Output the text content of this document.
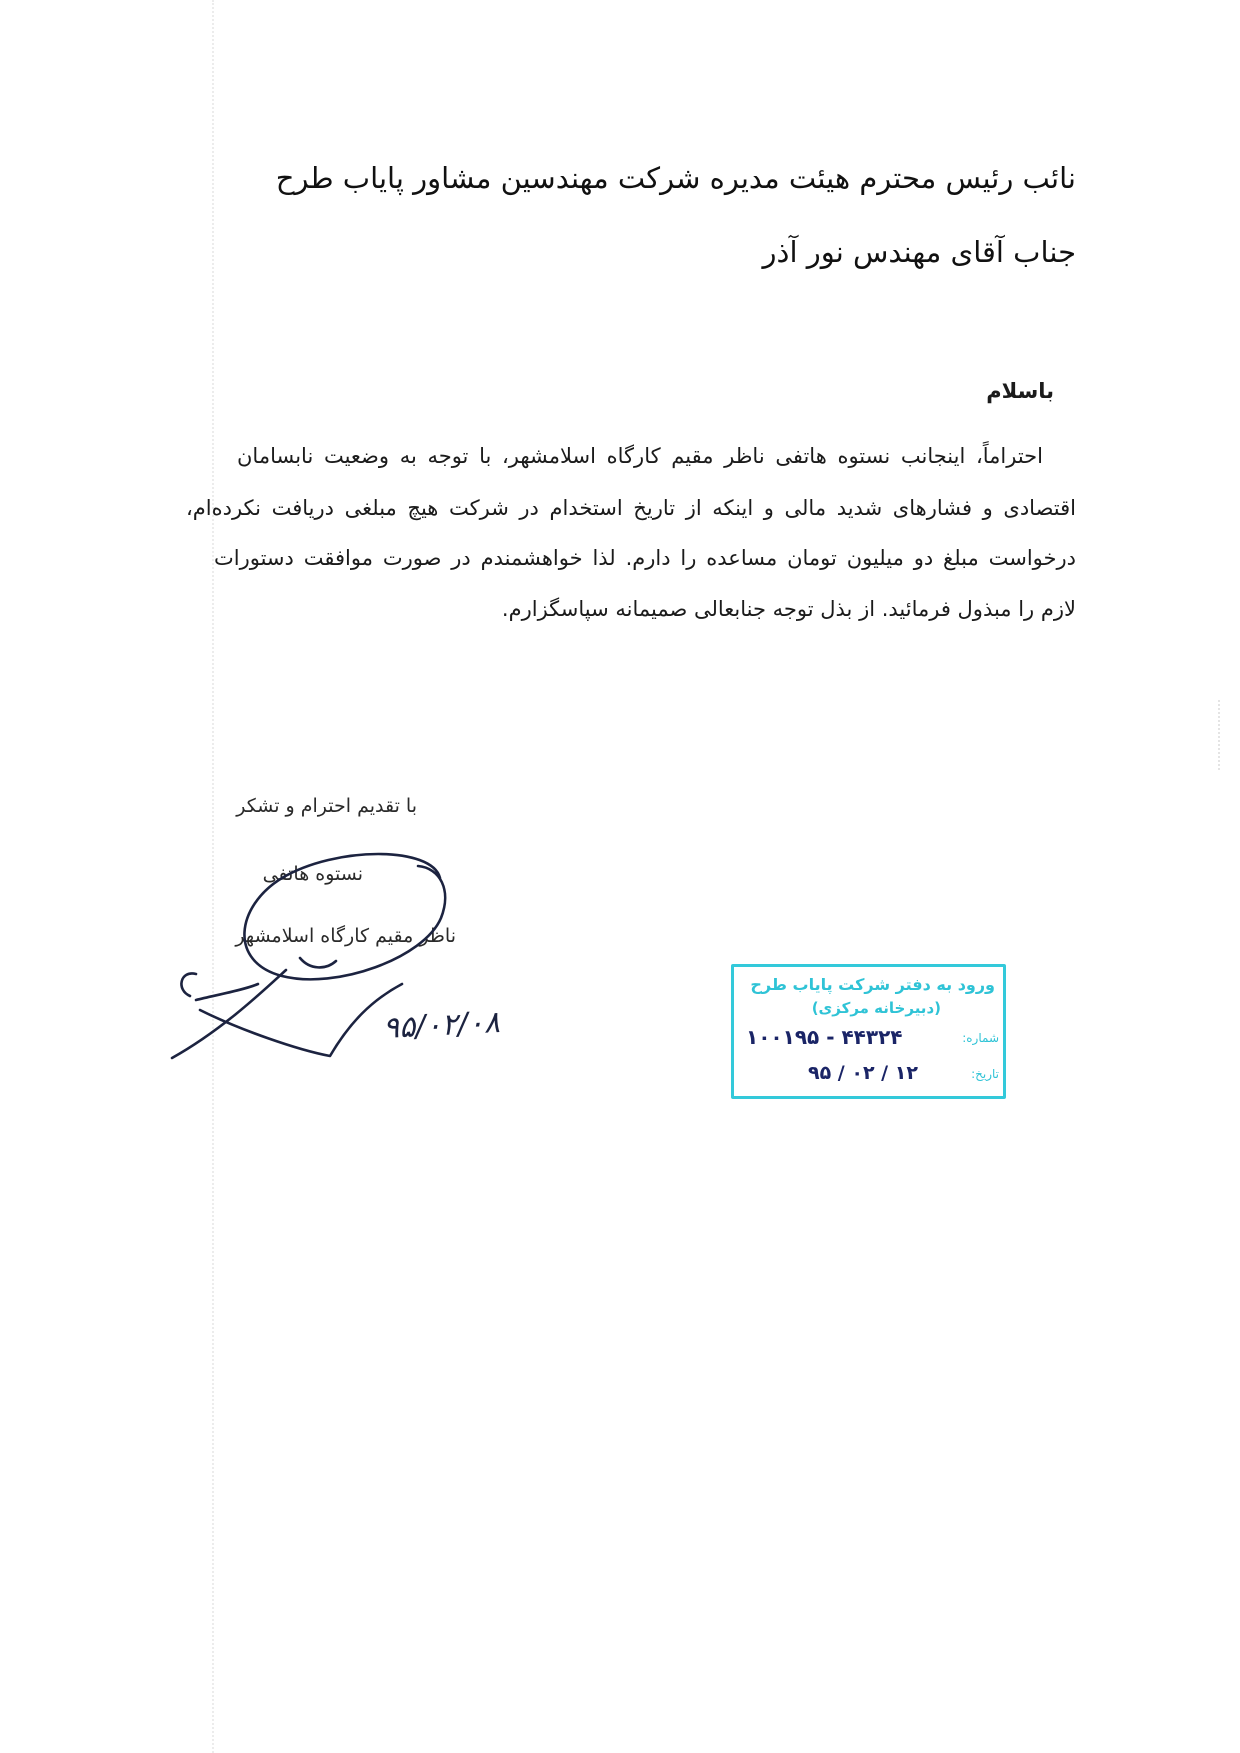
نائب رئیس محترم هیئت مدیره شرکت مهندسین مشاور پایاب طرح
جناب آقای مهندس نور آذر
باسلام
احتراماً، اینجانب نستوه هاتفی ناظر مقیم کارگاه اسلامشهر، با توجه به وضعیت نابسامان
اقتصادی و فشارهای شدید مالی و اینکه از تاریخ استخدام در شرکت هیچ مبلغی دریافت نکرده‌ام،
درخواست مبلغ دو میلیون تومان مساعده را دارم. لذا خواهشمندم در صورت موافقت دستورات
لازم را مبذول فرمائید. از بذل توجه جنابعالی صمیمانه سپاسگزارم.
با تقدیم احترام و تشکر
نستوه هاتفی
ناظر مقیم کارگاه اسلامشهر
۹۵/۰۲/۰۸
ورود به دفتر شرکت پایاب طرح
(دبیرخانه مرکزی)
شماره:
۱۰۰۱۹۵ - ۴۴۳۲۴
تاریخ:
۹۵ / ۰۲ / ۱۲
